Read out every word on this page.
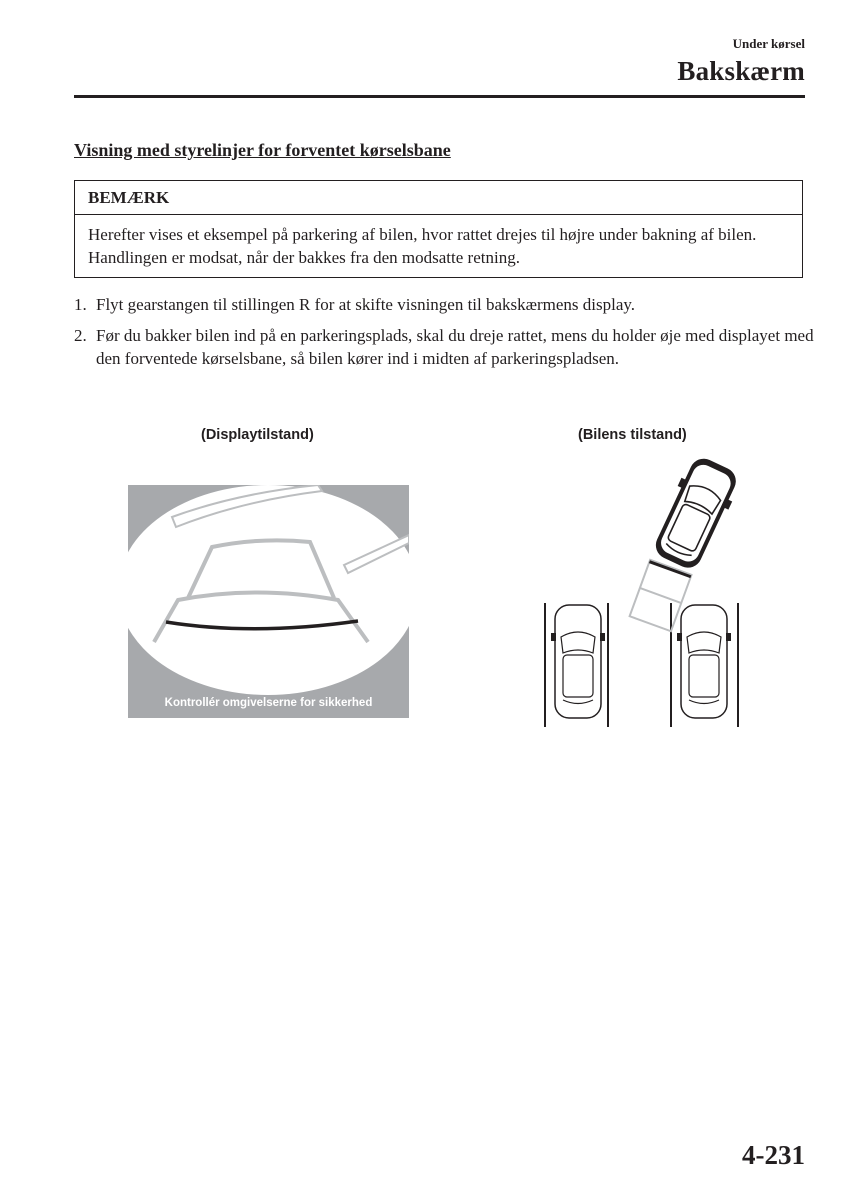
Under kørsel
Bakskærm
Visning med styrelinjer for forventet kørselsbane
BEMÆRK
Herefter vises et eksempel på parkering af bilen, hvor rattet drejes til højre under bakning af bilen. Handlingen er modsat, når der bakkes fra den modsatte retning.
1. Flyt gearstangen til stillingen R for at skifte visningen til bakskærmens display.
2. Før du bakker bilen ind på en parkeringsplads, skal du dreje rattet, mens du holder øje med displayet med den forventede kørselsbane, så bilen kører ind i midten af parkeringspladsen.
(Displaytilstand)	(Bilens tilstand)
Kontrollér omgivelserne for sikkerhed
4-231
